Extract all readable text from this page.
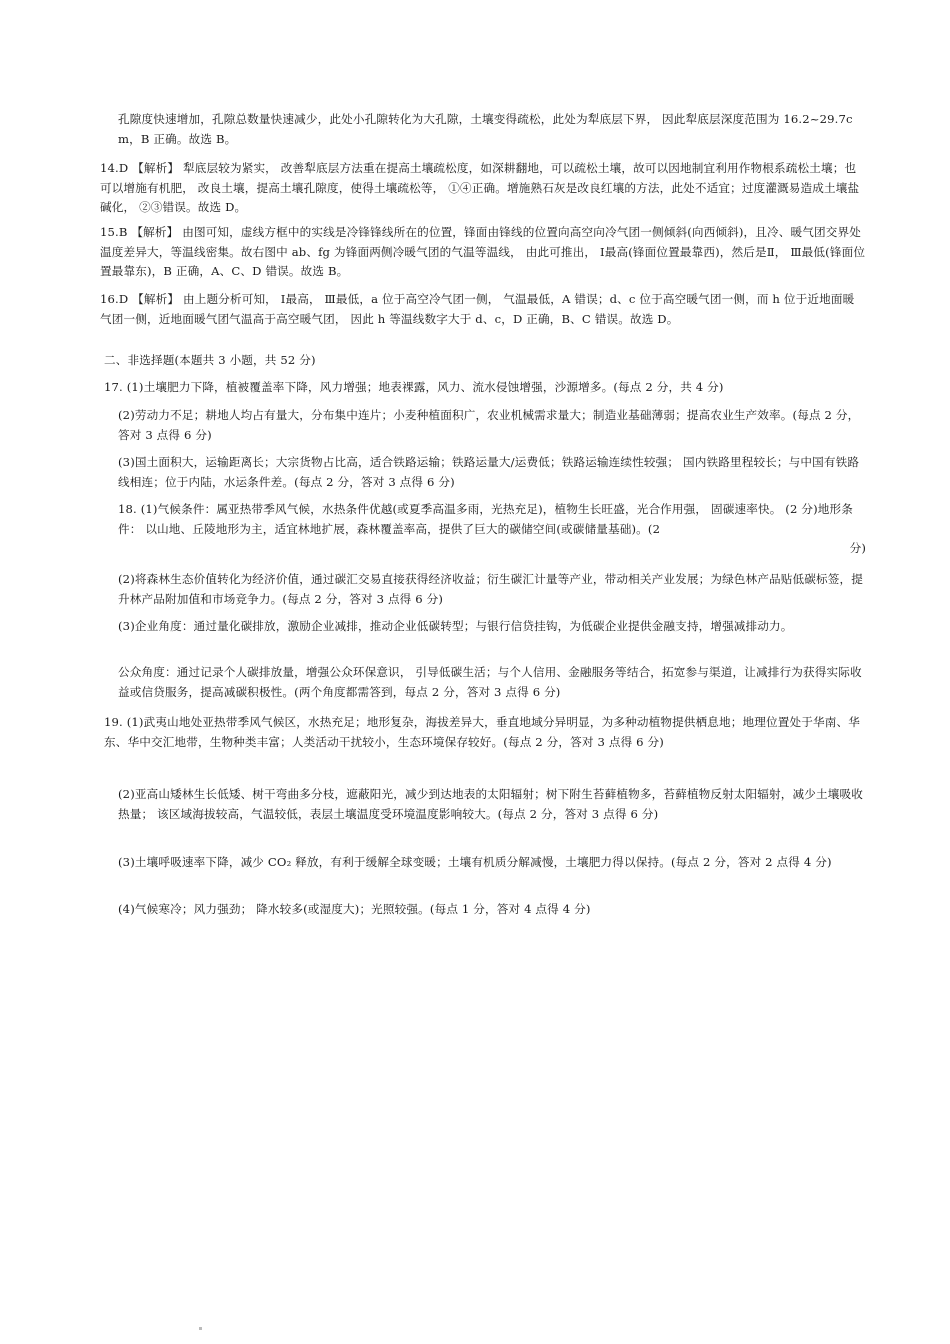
孔隙度快速增加，孔隙总数量快速减少，此处小孔隙转化为大孔隙，土壤变得疏松，此处为犁底层下界， 因此犁底层深度范围为 16.2~29.7cm，B 正确。故选 B。
14.D 【解析】 犁底层较为紧实， 改善犁底层方法重在提高土壤疏松度，如深耕翻地，可以疏松土壤，故可以因地制宜利用作物根系疏松土壤；也可以增施有机肥， 改良土壤，提高土壤孔隙度，使得土壤疏松等， ①④正确。增施熟石灰是改良红壤的方法，此处不适宜；过度灌溉易造成土壤盐碱化， ②③错误。故选 D。
15.B 【解析】 由图可知，虚线方框中的实线是冷锋锋线所在的位置，锋面由锋线的位置向高空向冷气团一侧倾斜(向西倾斜)，且冷、暖气团交界处温度差异大，等温线密集。故右图中 ab、fg 为锋面两侧冷暖气团的气温等温线， 由此可推出， Ⅰ最高(锋面位置最靠西)，然后是Ⅱ， Ⅲ最低(锋面位置最靠东)，B 正确，A、C、D 错误。故选 B。
16.D 【解析】 由上题分析可知， Ⅰ最高， Ⅲ最低，a 位于高空冷气团一侧， 气温最低，A 错误；d、c 位于高空暖气团一侧，而 h 位于近地面暖气团一侧，近地面暖气团气温高于高空暖气团， 因此 h 等温线数字大于 d、c，D 正确，B、C 错误。故选 D。
二、非选择题(本题共 3 小题，共 52 分)
17. (1)土壤肥力下降，植被覆盖率下降，风力增强；地表裸露，风力、流水侵蚀增强，沙源增多。(每点 2 分，共 4 分)
(2)劳动力不足；耕地人均占有量大，分布集中连片；小麦种植面积广，农业机械需求量大；制造业基础薄弱；提高农业生产效率。(每点 2 分，答对 3 点得 6 分)
(3)国土面积大，运输距离长；大宗货物占比高，适合铁路运输；铁路运量大/运费低；铁路运输连续性较强； 国内铁路里程较长；与中国有铁路线相连；位于内陆，水运条件差。(每点 2 分，答对 3 点得 6 分)
18. (1)气候条件：属亚热带季风气候，水热条件优越(或夏季高温多雨，光热充足)，植物生长旺盛，光合作用强， 固碳速率快。 (2 分)地形条件： 以山地、丘陵地形为主，适宜林地扩展，森林覆盖率高，提供了巨大的碳储空间(或碳储量基础)。(2
分)
(2)将森林生态价值转化为经济价值，通过碳汇交易直接获得经济收益；衍生碳汇计量等产业，带动相关产业发展；为绿色林产品贴低碳标签，提升林产品附加值和市场竞争力。(每点 2 分，答对 3 点得 6 分)
(3)企业角度：通过量化碳排放，激励企业减排，推动企业低碳转型；与银行信贷挂钩，为低碳企业提供金融支持，增强减排动力。
公众角度：通过记录个人碳排放量，增强公众环保意识， 引导低碳生活；与个人信用、金融服务等结合，拓宽参与渠道，让减排行为获得实际收益或信贷服务，提高减碳积极性。(两个角度都需答到，每点 2 分，答对 3 点得 6 分)
19. (1)武夷山地处亚热带季风气候区，水热充足；地形复杂，海拔差异大，垂直地域分异明显，为多种动植物提供栖息地；地理位置处于华南、华东、华中交汇地带，生物种类丰富；人类活动干扰较小，生态环境保存较好。(每点 2 分，答对 3 点得 6 分)
(2)亚高山矮林生长低矮、树干弯曲多分枝，遮蔽阳光，减少到达地表的太阳辐射；树下附生苔藓植物多，苔藓植物反射太阳辐射，减少土壤吸收热量； 该区域海拔较高，气温较低，表层土壤温度受环境温度影响较大。(每点 2 分，答对 3 点得 6 分)
(3)土壤呼吸速率下降，减少 CO₂ 释放，有利于缓解全球变暖；土壤有机质分解减慢，土壤肥力得以保持。(每点 2 分，答对 2 点得 4 分)
(4)气候寒冷；风力强劲； 降水较多(或湿度大)；光照较强。(每点 1 分，答对 4 点得 4 分)
